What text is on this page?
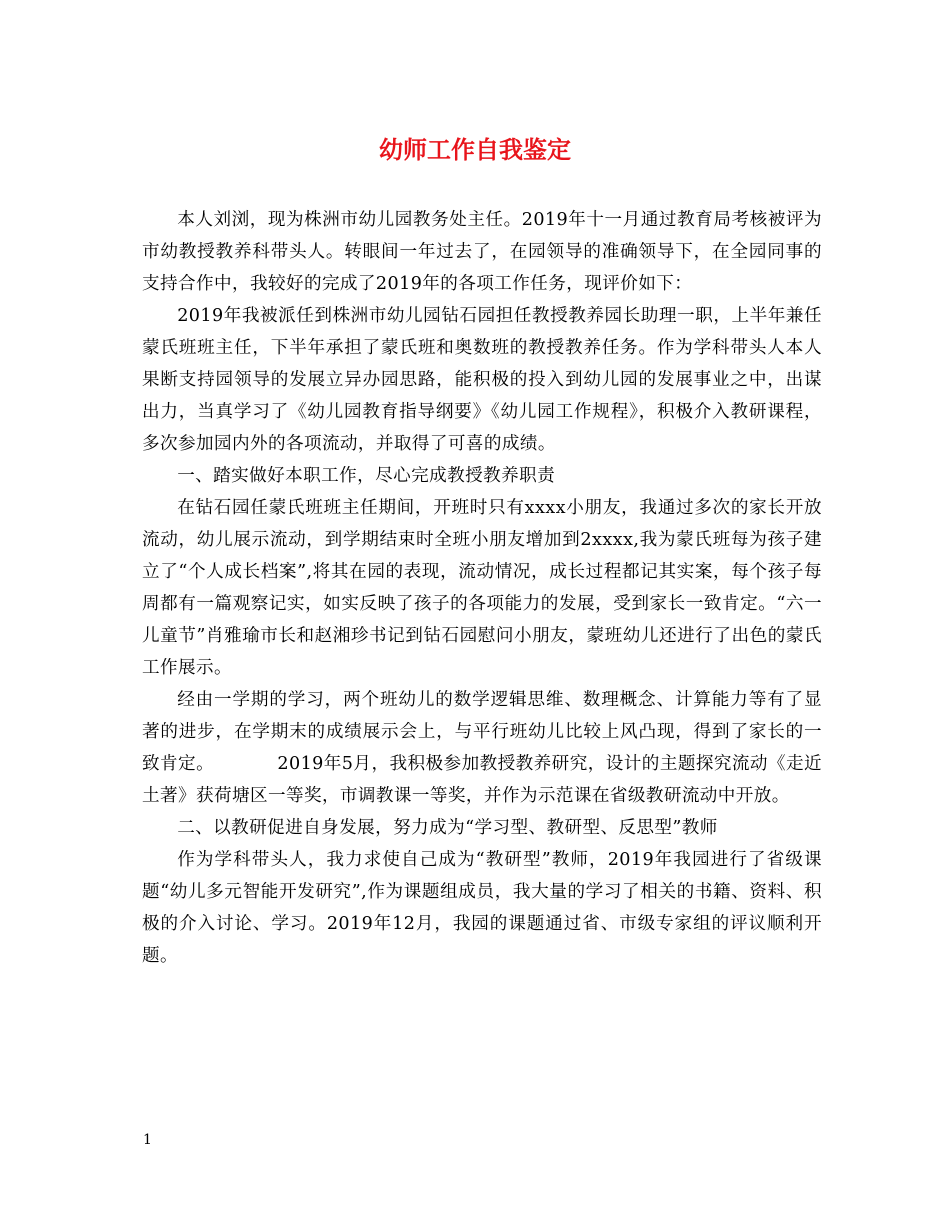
幼师工作自我鉴定

本人刘浏，现为株洲市幼儿园教务处主任。2019年十一月通过教育局考核被评为市幼教授教养科带头人。转眼间一年过去了，在园领导的准确领导下，在全园同事的支持合作中，我较好的完成了2019年的各项工作任务，现评价如下：

2019年我被派任到株洲市幼儿园钻石园担任教授教养园长助理一职，上半年兼任蒙氏班班主任，下半年承担了蒙氏班和奥数班的教授教养任务。作为学科带头人本人果断支持园领导的发展立异办园思路，能积极的投入到幼儿园的发展事业之中，出谋出力，当真学习了《幼儿园教育指导纲要》《幼儿园工作规程》，积极介入教研课程，多次参加园内外的各项流动，并取得了可喜的成绩。

一、踏实做好本职工作，尽心完成教授教养职责

在钻石园任蒙氏班班主任期间，开班时只有xxxx小朋友，我通过多次的家长开放流动，幼儿展示流动，到学期结束时全班小朋友增加到2xxxx,我为蒙氏班每为孩子建立了“个人成长档案”,将其在园的表现，流动情况，成长过程都记其实案，每个孩子每周都有一篇观察记实，如实反映了孩子的各项能力的发展，受到家长一致肯定。“六一儿童节”肖雅瑜市长和赵湘珍书记到钻石园慰问小朋友，蒙班幼儿还进行了出色的蒙氏工作展示。

经由一学期的学习，两个班幼儿的数学逻辑思维、数理概念、计算能力等有了显著的进步，在学期末的成绩展示会上，与平行班幼儿比较上风凸现，得到了家长的一致肯定。　　　　2019年5月，我积极参加教授教养研究，设计的主题探究流动《走近土著》获荷塘区一等奖，市调教课一等奖，并作为示范课在省级教研流动中开放。

二、以教研促进自身发展，努力成为“学习型、教研型、反思型”教师

作为学科带头人，我力求使自己成为“教研型”教师，2019年我园进行了省级课题“幼儿多元智能开发研究”,作为课题组成员，我大量的学习了相关的书籍、资料、积极的介入讨论、学习。2019年12月，我园的课题通过省、市级专家组的评议顺利开题。

1
